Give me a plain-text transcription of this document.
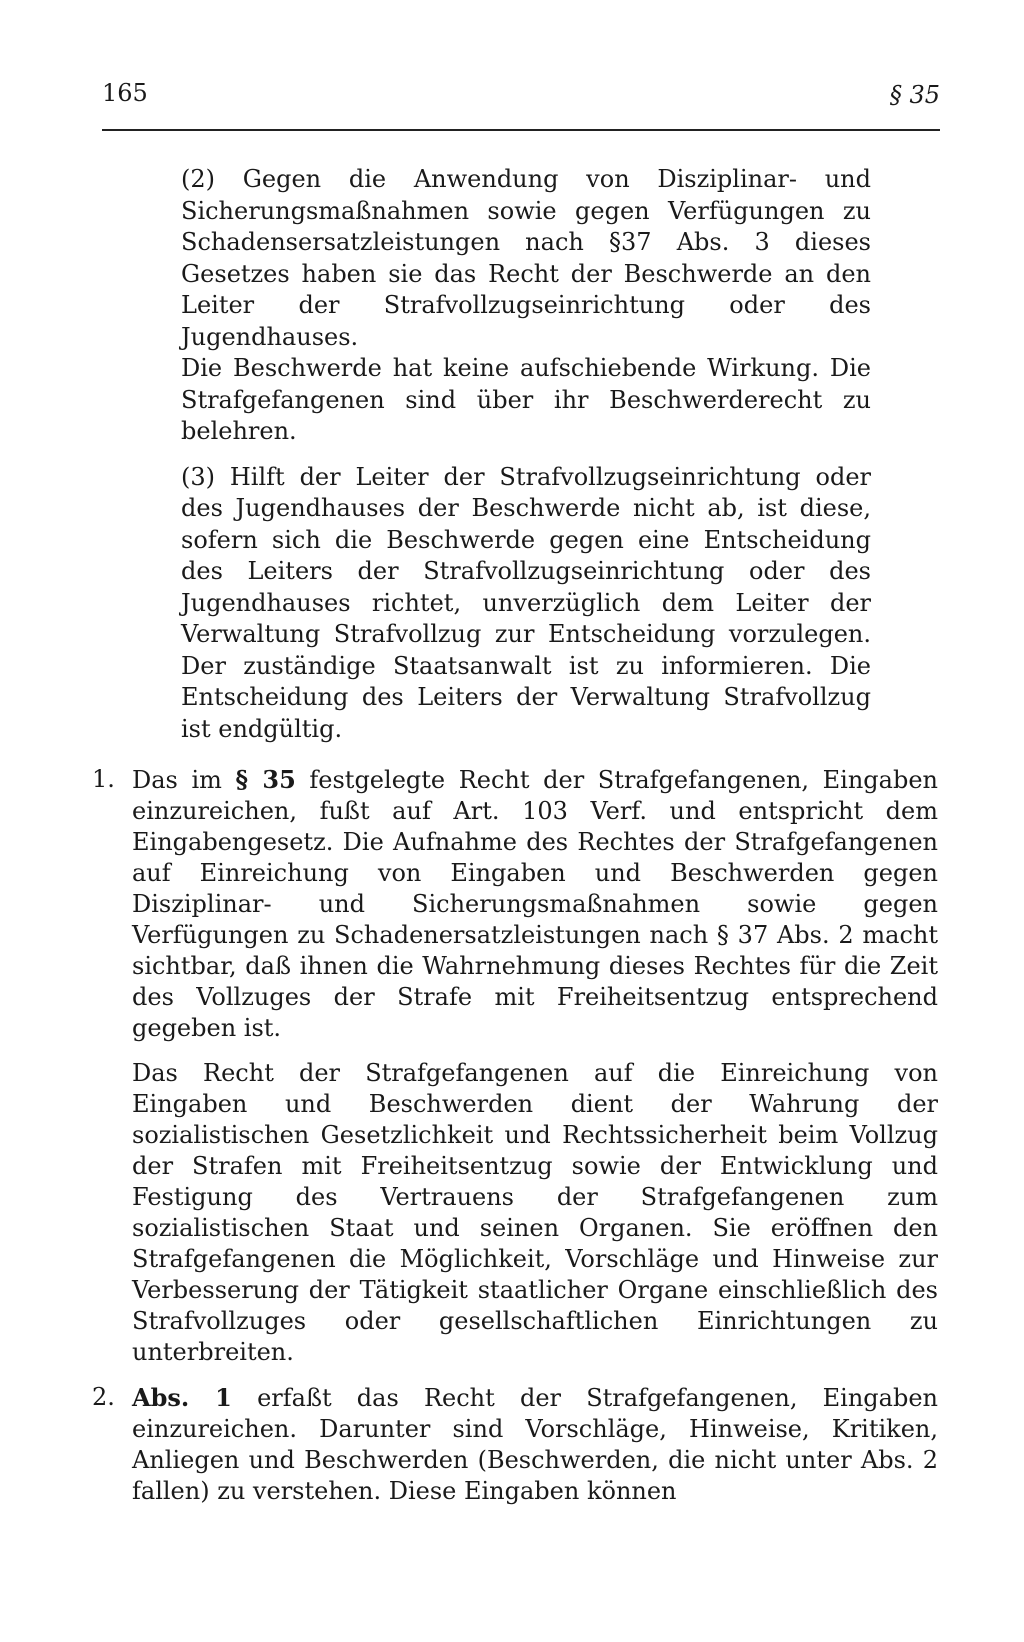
165	§ 35

(2) Gegen die Anwendung von Disziplinar- und Sicherungsmaßnahmen sowie gegen Verfügungen zu Schadensersatzleistungen nach §37 Abs. 3 dieses Gesetzes haben sie das Recht der Beschwerde an den Leiter der Strafvollzugseinrichtung oder des Jugendhauses.

Die Beschwerde hat keine aufschiebende Wirkung. Die Strafgefangenen sind über ihr Beschwerderecht zu belehren.

(3) Hilft der Leiter der Strafvollzugseinrichtung oder des Jugendhauses der Beschwerde nicht ab, ist diese, sofern sich die Beschwerde gegen eine Entscheidung des Leiters der Strafvollzugseinrichtung oder des Jugendhauses richtet, unverzüglich dem Leiter der Verwaltung Strafvollzug zur Entscheidung vorzulegen. Der zuständige Staatsanwalt ist zu informieren. Die Entscheidung des Leiters der Verwaltung Strafvollzug ist endgültig.

1. Das im § 35 festgelegte Recht der Strafgefangenen, Eingaben einzureichen, fußt auf Art. 103 Verf. und entspricht dem Eingabengesetz. Die Aufnahme des Rechtes der Strafgefangenen auf Einreichung von Eingaben und Beschwerden gegen Disziplinar- und Sicherungsmaßnahmen sowie gegen Verfügungen zu Schadenersatzleistungen nach § 37 Abs. 2 macht sichtbar, daß ihnen die Wahrnehmung dieses Rechtes für die Zeit des Vollzuges der Strafe mit Freiheitsentzug entsprechend gegeben ist.

Das Recht der Strafgefangenen auf die Einreichung von Eingaben und Beschwerden dient der Wahrung der sozialistischen Gesetzlichkeit und Rechtssicherheit beim Vollzug der Strafen mit Freiheitsentzug sowie der Entwicklung und Festigung des Vertrauens der Strafgefangenen zum sozialistischen Staat und seinen Organen. Sie eröffnen den Strafgefangenen die Möglichkeit, Vorschläge und Hinweise zur Verbesserung der Tätigkeit staatlicher Organe einschließlich des Strafvollzuges oder gesellschaftlichen Einrichtungen zu unterbreiten.

2. Abs. 1 erfaßt das Recht der Strafgefangenen, Eingaben einzureichen. Darunter sind Vorschläge, Hinweise, Kritiken, Anliegen und Beschwerden (Beschwerden, die nicht unter Abs. 2 fallen) zu verstehen. Diese Eingaben können
